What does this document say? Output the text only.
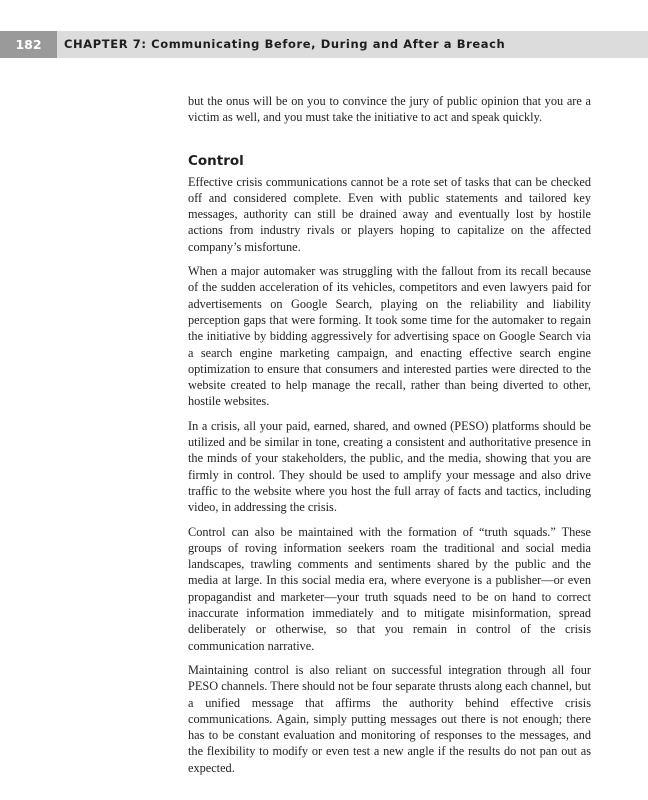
182	CHAPTER 7: Communicating Before, During and After a Breach

but the onus will be on you to convince the jury of public opinion that you are a victim as well, and you must take the initiative to act and speak quickly.

Control

Effective crisis communications cannot be a rote set of tasks that can be checked off and considered complete. Even with public statements and tailored key messages, authority can still be drained away and eventually lost by hostile actions from industry rivals or players hoping to capitalize on the affected company’s misfortune.

When a major automaker was struggling with the fallout from its recall because of the sudden acceleration of its vehicles, competitors and even lawyers paid for advertisements on Google Search, playing on the reliability and liability perception gaps that were forming. It took some time for the automaker to regain the initiative by bidding aggressively for advertising space on Google Search via a search engine marketing campaign, and enacting effective search engine optimization to ensure that consumers and interested parties were directed to the website created to help manage the recall, rather than being diverted to other, hostile websites.

In a crisis, all your paid, earned, shared, and owned (PESO) platforms should be utilized and be similar in tone, creating a consistent and authoritative presence in the minds of your stakeholders, the public, and the media, showing that you are firmly in control. They should be used to amplify your message and also drive traffic to the website where you host the full array of facts and tactics, including video, in addressing the crisis.

Control can also be maintained with the formation of “truth squads.” These groups of roving information seekers roam the traditional and social media landscapes, trawling comments and sentiments shared by the public and the media at large. In this social media era, where everyone is a publisher—or even propagandist and marketer—your truth squads need to be on hand to correct inaccurate information immediately and to mitigate misinformation, spread deliberately or otherwise, so that you remain in control of the crisis communication narrative.

Maintaining control is also reliant on successful integration through all four PESO channels. There should not be four separate thrusts along each channel, but a unified message that affirms the authority behind effective crisis communications. Again, simply putting messages out there is not enough; there has to be constant evaluation and monitoring of responses to the messages, and the flexibility to modify or even test a new angle if the results do not pan out as expected.
